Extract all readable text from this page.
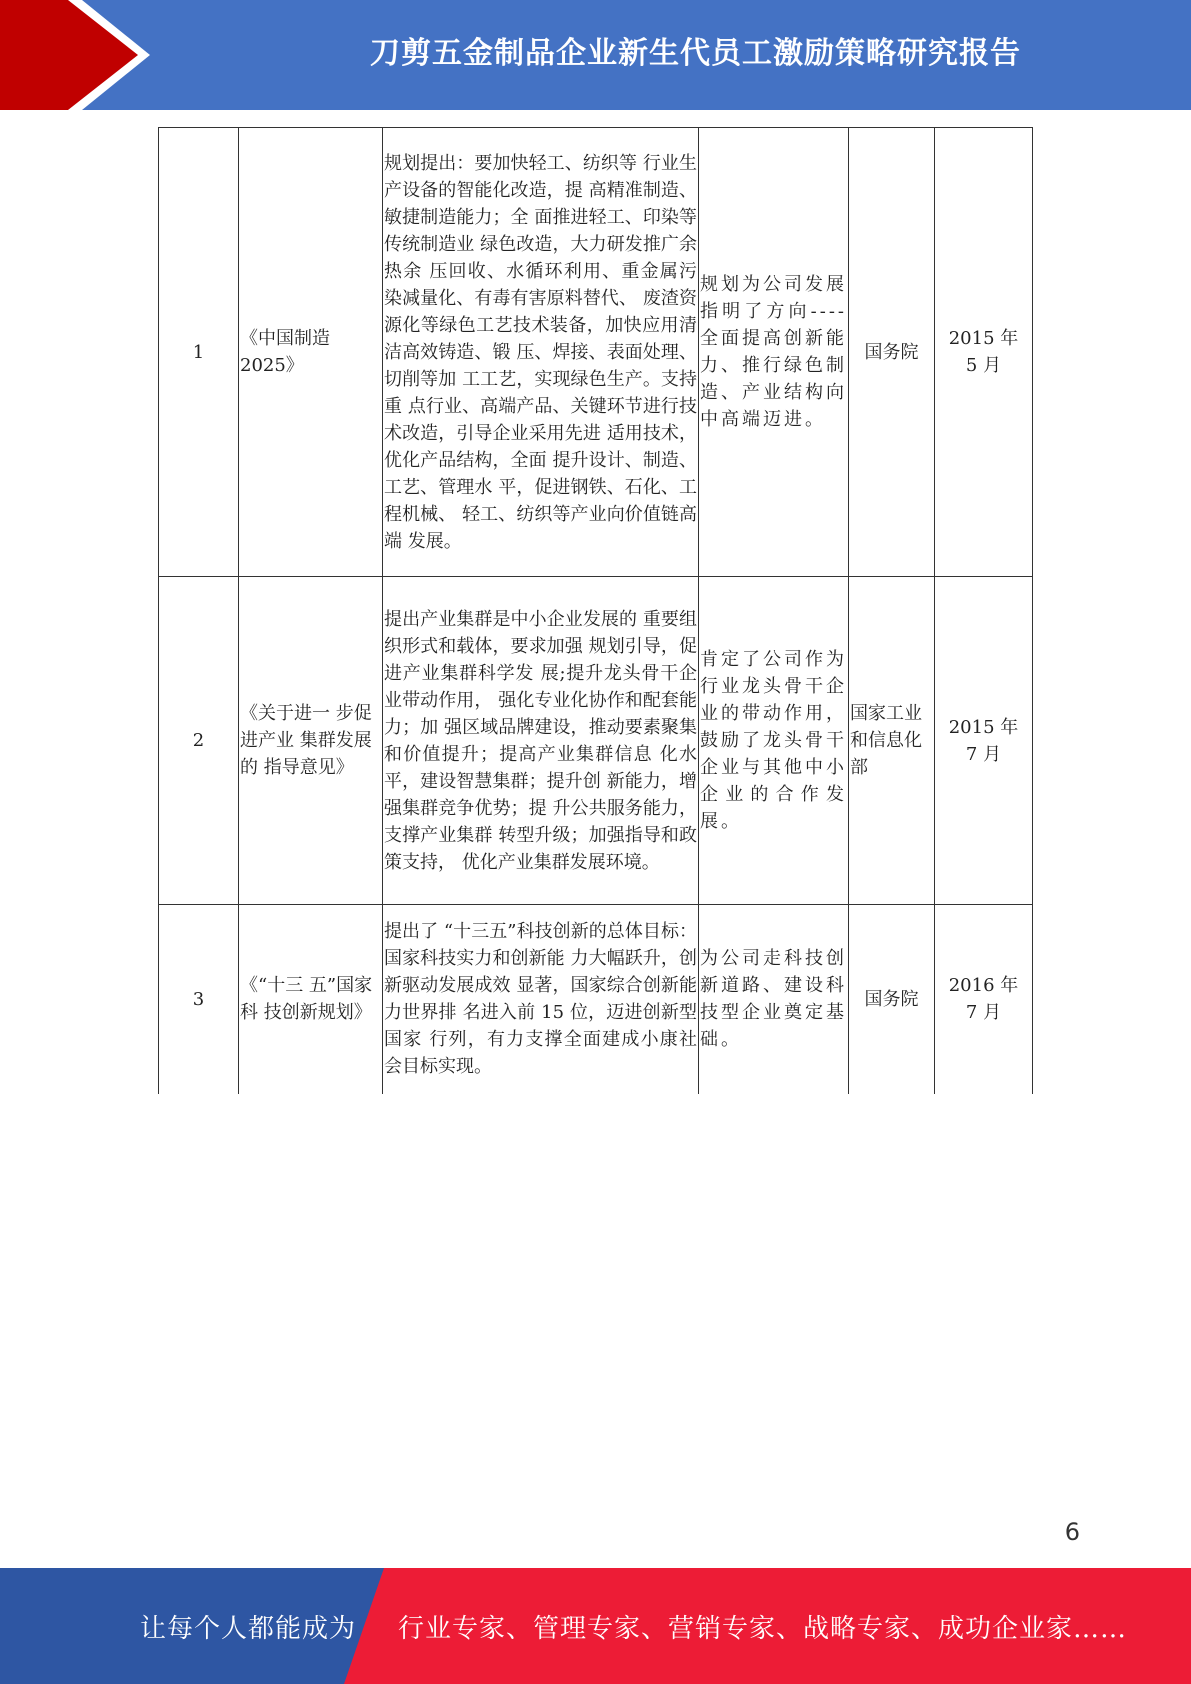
刀剪五金制品企业新生代员工激励策略研究报告
1	《中国制造 2025》	规划提出：要加快轻工、纺织等 行业生产设备的智能化改造，提 高精准制造、敏捷制造能力；全 面推进轻工、印染等传统制造业 绿色改造，大力研发推广余热余 压回收、水循环利用、重金属污 染减量化、有毒有害原料替代、 废渣资源化等绿色工艺技术装备，加快应用清洁高效铸造、锻 压、焊接、表面处理、切削等加 工工艺，实现绿色生产。支持重 点行业、高端产品、关键环节进行技术改造，引导企业采用先进 适用技术，优化产品结构，全面 提升设计、制造、工艺、管理水 平，促进钢铁、石化、工程机械、 轻工、纺织等产业向价值链高端 发展。	规划为公司发展指明了方向----全面提高创新能力、推行绿色制造、产业结构向中高端迈进。	国务院	2015 年
5 月

2	《关于进一 步促进产业 集群发展的 指导意见》	提出产业集群是中小企业发展的 重要组织形式和载体，要求加强 规划引导，促进产业集群科学发 展;提升龙头骨干企业带动作用， 强化专业化协作和配套能力；加 强区域品牌建设，推动要素聚集 和价值提升；提高产业集群信息 化水平，建设智慧集群；提升创 新能力，增强集群竞争优势；提 升公共服务能力，支撑产业集群 转型升级；加强指导和政策支持， 优化产业集群发展环境。	肯定了公司作为行业龙头骨干企业的带动作用，鼓励了龙头骨干企业与其他中小企业的合作发 展。	国家工业和信息化部	2015 年
7 月

3	《“十三 五”国家科 技创新规划》	提出了 “十三五”科技创新的总体目标：国家科技实力和创新能 力大幅跃升，创新驱动发展成效 显著，国家综合创新能力世界排 名进入前 15 位，迈进创新型国家 行列，有力支撑全面建成小康社 会目标实现。	为公司走科技创新道路、建设科技型企业奠定基础。	国务院	2016 年
7 月
6
让每个人都能成为 行业专家、管理专家、营销专家、战略专家、成功企业家……
